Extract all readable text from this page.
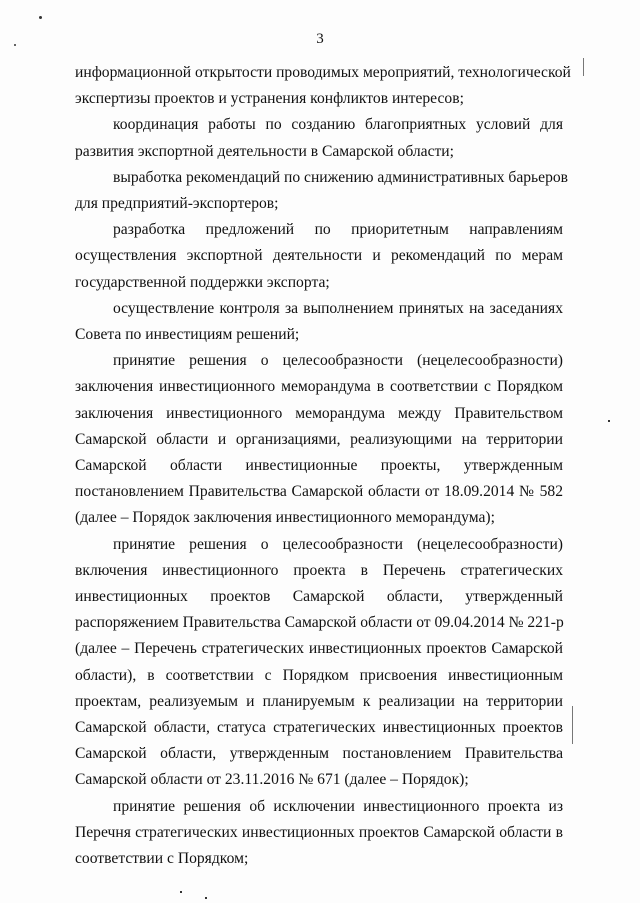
3
информационной открытости проводимых мероприятий, технологической
экспертизы проектов и устранения конфликтов интересов;
координация работы по созданию благоприятных условий для
развития экспортной деятельности в Самарской области;
выработка рекомендаций по снижению административных барьеров
для предприятий-экспортеров;
разработка предложений по приоритетным направлениям
осуществления экспортной деятельности и рекомендаций по мерам
государственной поддержки экспорта;
осуществление контроля за выполнением принятых на заседаниях
Совета по инвестициям решений;
принятие решения о целесообразности (нецелесообразности)
заключения инвестиционного меморандума в соответствии с Порядком
заключения инвестиционного меморандума между Правительством
Самарской области и организациями, реализующими на территории
Самарской области инвестиционные проекты, утвержденным
постановлением Правительства Самарской области от 18.09.2014 № 582
(далее – Порядок заключения инвестиционного меморандума);
принятие решения о целесообразности (нецелесообразности)
включения инвестиционного проекта в Перечень стратегических
инвестиционных проектов Самарской области, утвержденный
распоряжением Правительства Самарской области от 09.04.2014 № 221-р
(далее – Перечень стратегических инвестиционных проектов Самарской
области), в соответствии с Порядком присвоения инвестиционным
проектам, реализуемым и планируемым к реализации на территории
Самарской области, статуса стратегических инвестиционных проектов
Самарской области, утвержденным постановлением Правительства
Самарской области от 23.11.2016 № 671 (далее – Порядок);
принятие решения об исключении инвестиционного проекта из
Перечня стратегических инвестиционных проектов Самарской области в
соответствии с Порядком;
